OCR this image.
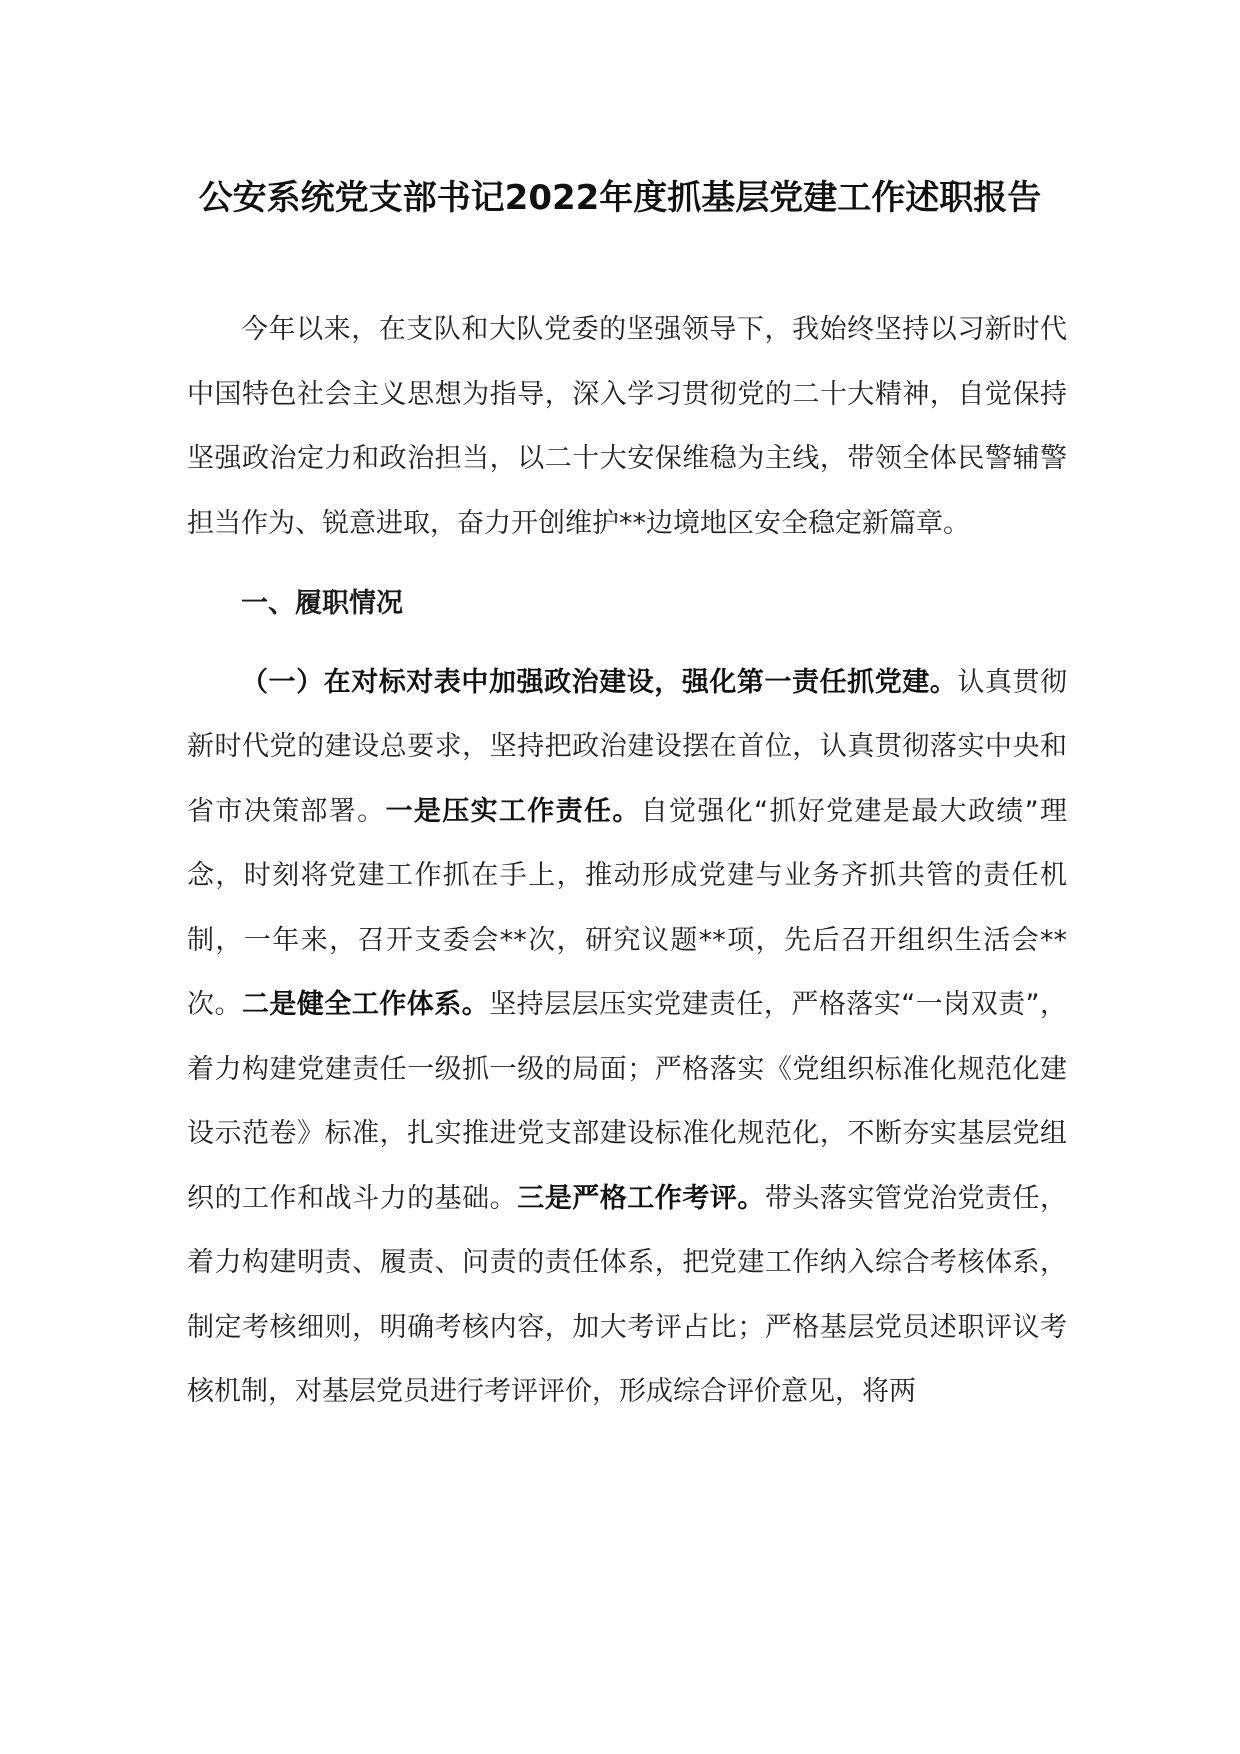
公安系统党支部书记2022年度抓基层党建工作述职报告

今年以来，在支队和大队党委的坚强领导下，我始终坚持以习新时代中国特色社会主义思想为指导，深入学习贯彻党的二十大精神，自觉保持坚强政治定力和政治担当，以二十大安保维稳为主线，带领全体民警辅警担当作为、锐意进取，奋力开创维护**边境地区安全稳定新篇章。

一、履职情况

（一）在对标对表中加强政治建设，强化第一责任抓党建。认真贯彻新时代党的建设总要求，坚持把政治建设摆在首位，认真贯彻落实中央和省市决策部署。一是压实工作责任。自觉强化“抓好党建是最大政绩”理念，时刻将党建工作抓在手上，推动形成党建与业务齐抓共管的责任机制，一年来，召开支委会**次，研究议题**项，先后召开组织生活会**次。二是健全工作体系。坚持层层压实党建责任，严格落实“一岗双责”，着力构建党建责任一级抓一级的局面；严格落实《党组织标准化规范化建设示范卷》标准，扎实推进党支部建设标准化规范化，不断夯实基层党组织的工作和战斗力的基础。三是严格工作考评。带头落实管党治党责任，着力构建明责、履责、问责的责任体系，把党建工作纳入综合考核体系，制定考核细则，明确考核内容，加大考评占比；严格基层党员述职评议考核机制，对基层党员进行考评评价，形成综合评价意见，将两
